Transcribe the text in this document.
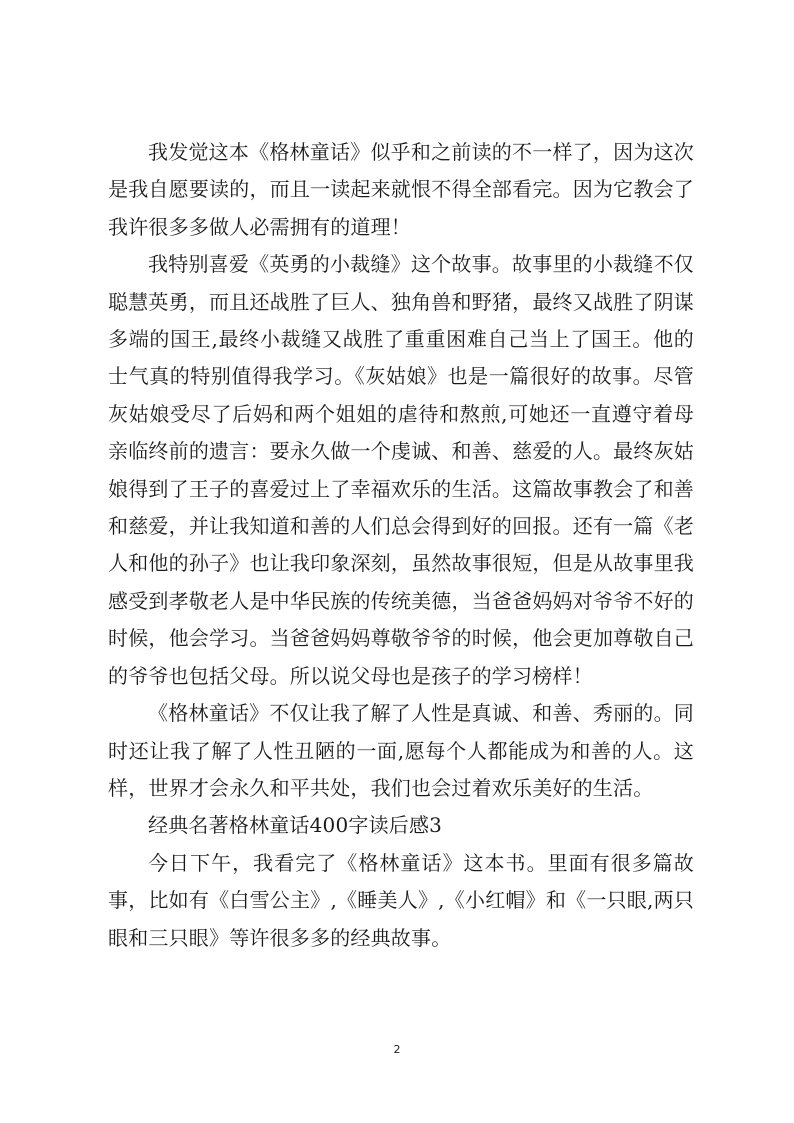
我发觉这本《格林童话》似乎和之前读的不一样了，因为这次是我自愿要读的，而且一读起来就恨不得全部看完。因为它教会了我许很多多做人必需拥有的道理！

我特别喜爱《英勇的小裁缝》这个故事。故事里的小裁缝不仅聪慧英勇，而且还战胜了巨人、独角兽和野猪，最终又战胜了阴谋多端的国王,最终小裁缝又战胜了重重困难自己当上了国王。他的士气真的特别值得我学习。《灰姑娘》也是一篇很好的故事。尽管灰姑娘受尽了后妈和两个姐姐的虐待和熬煎,可她还一直遵守着母亲临终前的遗言：要永久做一个虔诚、和善、慈爱的人。最终灰姑娘得到了王子的喜爱过上了幸福欢乐的生活。这篇故事教会了和善和慈爱，并让我知道和善的人们总会得到好的回报。还有一篇《老人和他的孙子》也让我印象深刻，虽然故事很短，但是从故事里我感受到孝敬老人是中华民族的传统美德，当爸爸妈妈对爷爷不好的时候，他会学习。当爸爸妈妈尊敬爷爷的时候，他会更加尊敬自己的爷爷也包括父母。所以说父母也是孩子的学习榜样！

《格林童话》不仅让我了解了人性是真诚、和善、秀丽的。同时还让我了解了人性丑陋的一面,愿每个人都能成为和善的人。这样，世界才会永久和平共处，我们也会过着欢乐美好的生活。

经典名著格林童话400字读后感3

今日下午，我看完了《格林童话》这本书。里面有很多篇故事，比如有《白雪公主》,《睡美人》,《小红帽》和《一只眼,两只眼和三只眼》等许很多多的经典故事。

2
